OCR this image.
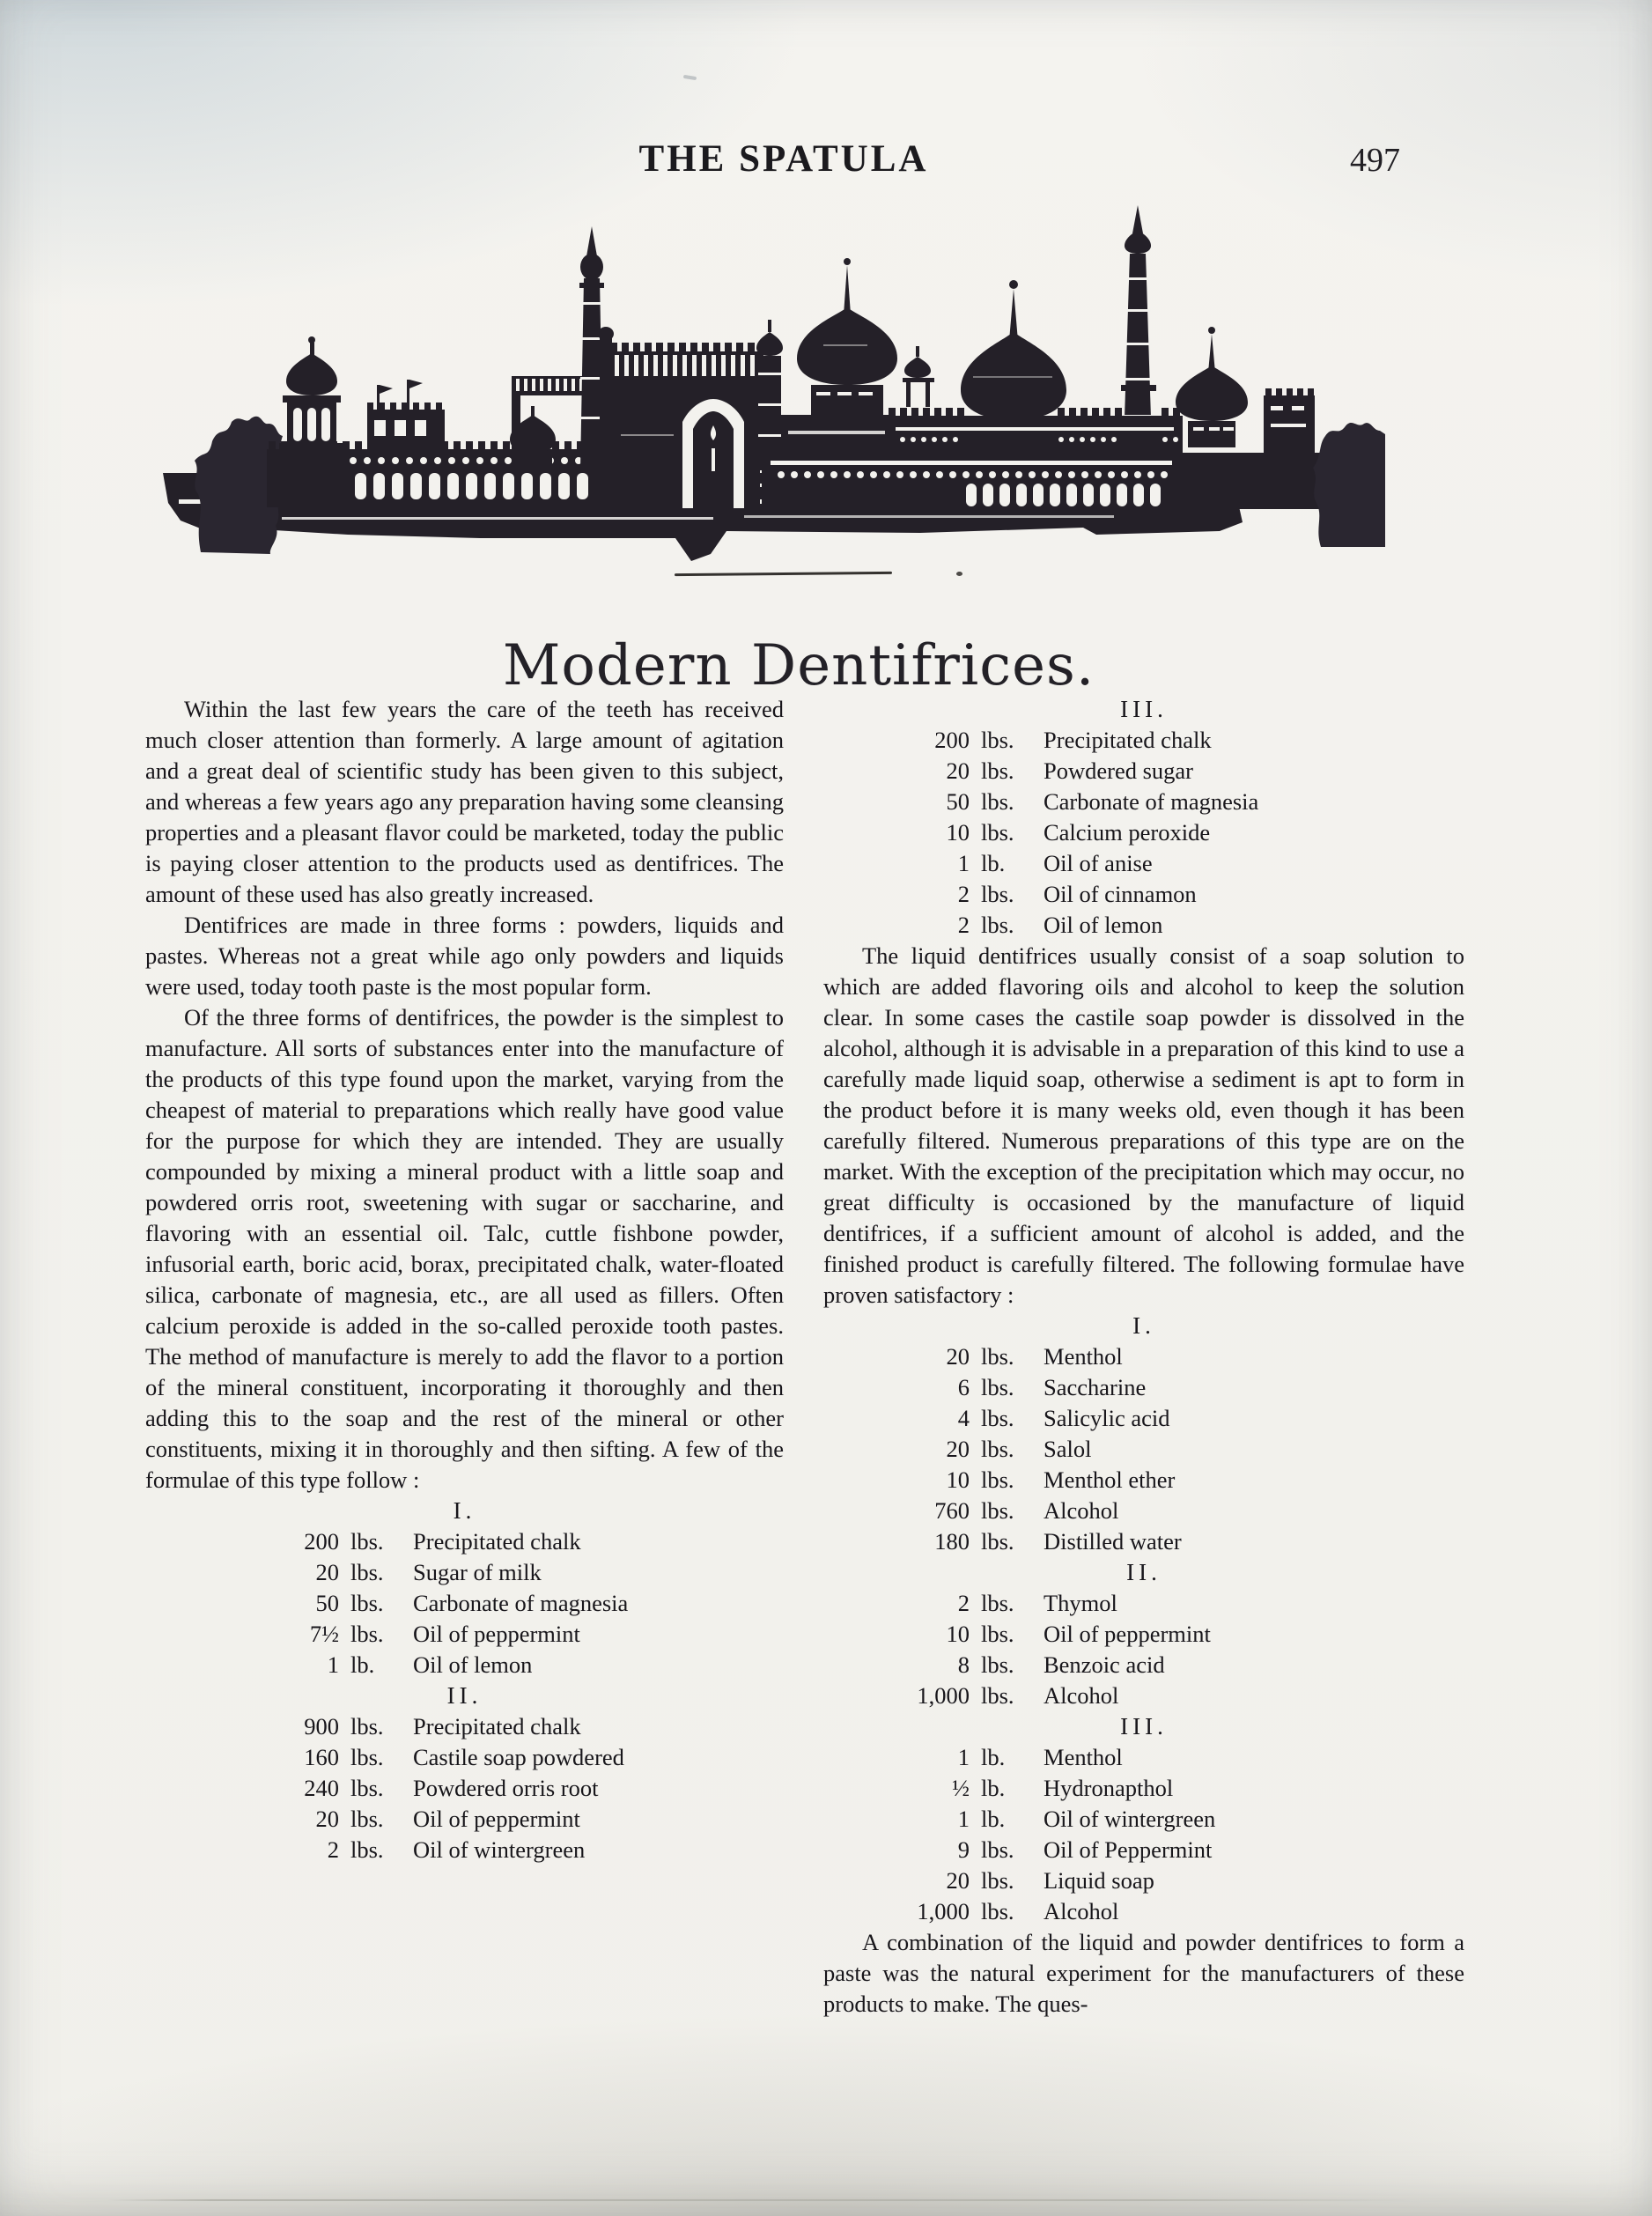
THE SPATULA	497
Modern Dentifrices.

Within the last few years the care of the teeth has received much closer attention than formerly. A large amount of agitation and a great deal of scientific study has been given to this subject, and whereas a few years ago any preparation having some cleansing properties and a pleasant flavor could be marketed, today the public is paying closer attention to the products used as dentifrices. The amount of these used has also greatly increased.

Dentifrices are made in three forms : powders, liquids and pastes. Whereas not a great while ago only powders and liquids were used, today tooth paste is the most popular form.

Of the three forms of dentifrices, the powder is the simplest to manufacture. All sorts of substances enter into the manufacture of the products of this type found upon the market, varying from the cheapest of material to preparations which really have good value for the purpose for which they are intended. They are usually compounded by mixing a mineral product with a little soap and powdered orris root, sweetening with sugar or saccharine, and flavoring with an essential oil. Talc, cuttle fishbone powder, infusorial earth, boric acid, borax, precipitated chalk, water-floated silica, carbonate of magnesia, etc., are all used as fillers. Often calcium peroxide is added in the so-called peroxide tooth pastes. The method of manufacture is merely to add the flavor to a portion of the mineral constituent, incorporating it thoroughly and then adding this to the soap and the rest of the mineral or other constituents, mixing it in thoroughly and then sifting. A few of the formulae of this type follow :

I.
200 lbs.	Precipitated chalk
20 lbs.	Sugar of milk
50 lbs.	Carbonate of magnesia
7½ lbs.	Oil of peppermint
1 lb.	Oil of lemon
II.
900 lbs.	Precipitated chalk
160 lbs.	Castile soap powdered
240 lbs.	Powdered orris root
20 lbs.	Oil of peppermint
2 lbs.	Oil of wintergreen
III.
200 lbs.	Precipitated chalk
20 lbs.	Powdered sugar
50 lbs.	Carbonate of magnesia
10 lbs.	Calcium peroxide
1 lb.	Oil of anise
2 lbs.	Oil of cinnamon
2 lbs.	Oil of lemon

The liquid dentifrices usually consist of a soap solution to which are added flavoring oils and alcohol to keep the solution clear. In some cases the castile soap powder is dissolved in the alcohol, although it is advisable in a preparation of this kind to use a carefully made liquid soap, otherwise a sediment is apt to form in the product before it is many weeks old, even though it has been carefully filtered. Numerous preparations of this type are on the market. With the exception of the precipitation which may occur, no great difficulty is occasioned by the manufacture of liquid dentifrices, if a sufficient amount of alcohol is added, and the finished product is carefully filtered. The following formulae have proven satisfactory :

I.
20 lbs.	Menthol
6 lbs.	Saccharine
4 lbs.	Salicylic acid
20 lbs.	Salol
10 lbs.	Menthol ether
760 lbs.	Alcohol
180 lbs.	Distilled water
II.
2 lbs.	Thymol
10 lbs.	Oil of peppermint
8 lbs.	Benzoic acid
1,000 lbs.	Alcohol
III.
1 lb.	Menthol
½ lb.	Hydronapthol
1 lb.	Oil of wintergreen
9 lbs.	Oil of Peppermint
20 lbs.	Liquid soap
1,000 lbs.	Alcohol

A combination of the liquid and powder dentifrices to form a paste was the natural experiment for the manufacturers of these products to make. The ques-
